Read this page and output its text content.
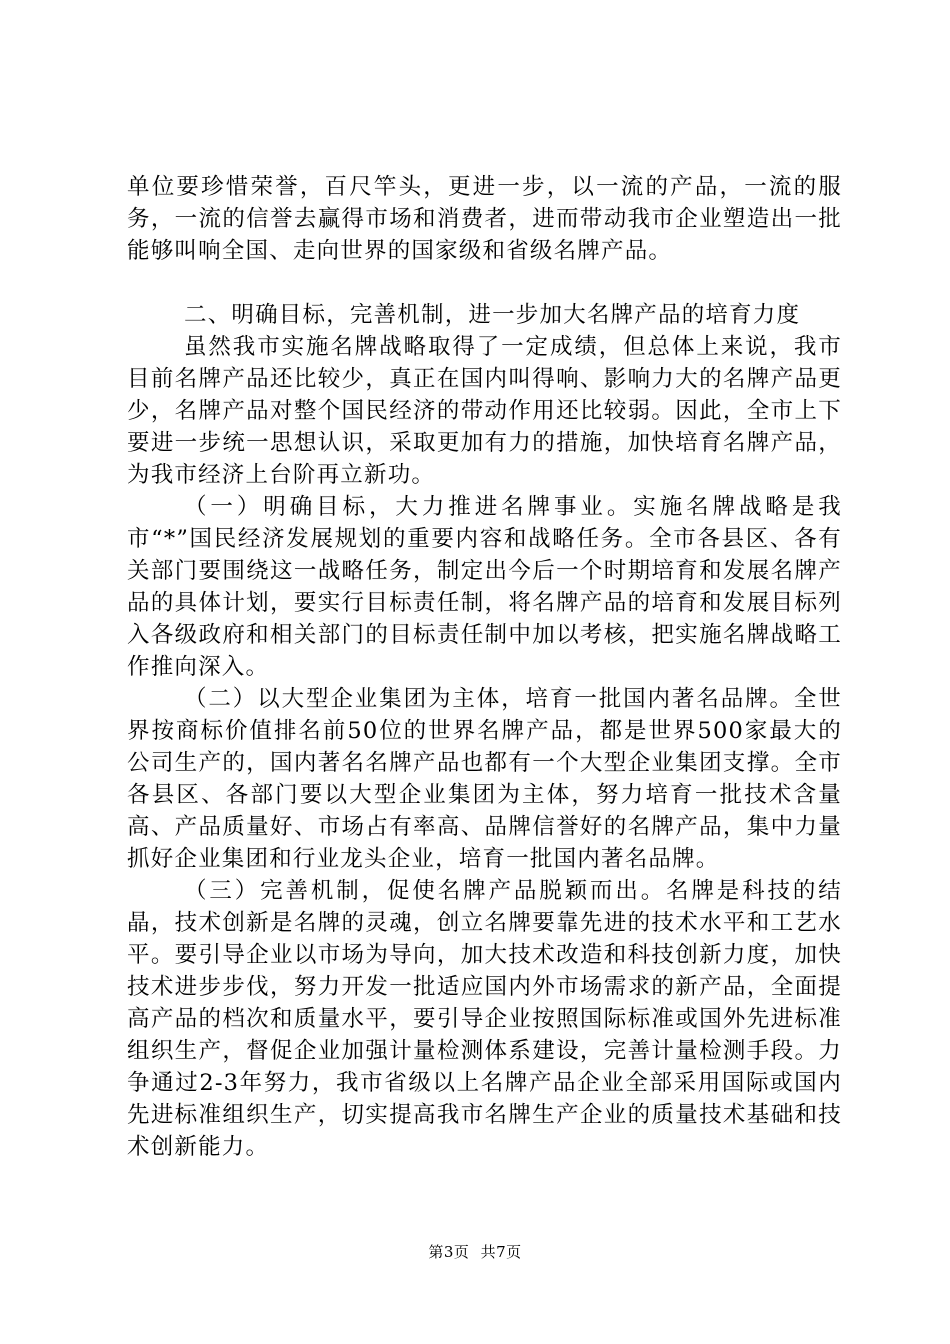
单位要珍惜荣誉，百尺竿头，更进一步，以一流的产品，一流的服务，一流的信誉去赢得市场和消费者，进而带动我市企业塑造出一批能够叫响全国、走向世界的国家级和省级名牌产品。

二、明确目标，完善机制，进一步加大名牌产品的培育力度

虽然我市实施名牌战略取得了一定成绩，但总体上来说，我市目前名牌产品还比较少，真正在国内叫得响、影响力大的名牌产品更少，名牌产品对整个国民经济的带动作用还比较弱。因此，全市上下要进一步统一思想认识，采取更加有力的措施，加快培育名牌产品，为我市经济上台阶再立新功。

（一）明确目标，大力推进名牌事业。实施名牌战略是我市“*”国民经济发展规划的重要内容和战略任务。全市各县区、各有关部门要围绕这一战略任务，制定出今后一个时期培育和发展名牌产品的具体计划，要实行目标责任制，将名牌产品的培育和发展目标列入各级政府和相关部门的目标责任制中加以考核，把实施名牌战略工作推向深入。

（二）以大型企业集团为主体，培育一批国内著名品牌。全世界按商标价值排名前50位的世界名牌产品，都是世界500家最大的公司生产的，国内著名名牌产品也都有一个大型企业集团支撑。全市各县区、各部门要以大型企业集团为主体，努力培育一批技术含量高、产品质量好、市场占有率高、品牌信誉好的名牌产品，集中力量抓好企业集团和行业龙头企业，培育一批国内著名品牌。

（三）完善机制，促使名牌产品脱颖而出。名牌是科技的结晶，技术创新是名牌的灵魂，创立名牌要靠先进的技术水平和工艺水平。要引导企业以市场为导向，加大技术改造和科技创新力度，加快技术进步步伐，努力开发一批适应国内外市场需求的新产品，全面提高产品的档次和质量水平，要引导企业按照国际标准或国外先进标准组织生产，督促企业加强计量检测体系建设，完善计量检测手段。力争通过2-3年努力，我市省级以上名牌产品企业全部采用国际或国内先进标准组织生产，切实提高我市名牌生产企业的质量技术基础和技术创新能力。

第3页 共7页
